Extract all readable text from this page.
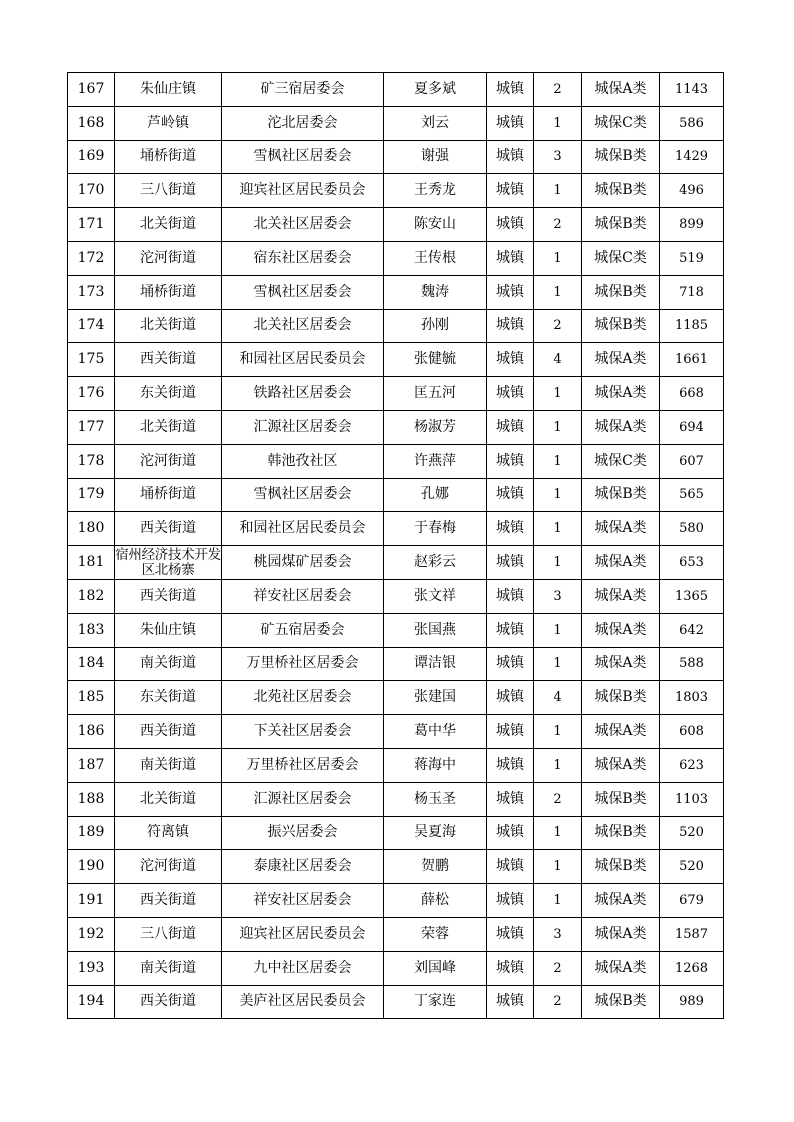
167	朱仙庄镇	矿三宿居委会	夏多斌	城镇	2	城保A类	1143
168	芦岭镇	沱北居委会	刘云	城镇	1	城保C类	586
169	埇桥街道	雪枫社区居委会	谢强	城镇	3	城保B类	1429
170	三八街道	迎宾社区居民委员会	王秀龙	城镇	1	城保B类	496
171	北关街道	北关社区居委会	陈安山	城镇	2	城保B类	899
172	沱河街道	宿东社区居委会	王传根	城镇	1	城保C类	519
173	埇桥街道	雪枫社区居委会	魏涛	城镇	1	城保B类	718
174	北关街道	北关社区居委会	孙刚	城镇	2	城保B类	1185
175	西关街道	和园社区居民委员会	张健毓	城镇	4	城保A类	1661
176	东关街道	铁路社区居委会	匡五河	城镇	1	城保A类	668
177	北关街道	汇源社区居委会	杨淑芳	城镇	1	城保A类	694
178	沱河街道	韩池孜社区	许燕萍	城镇	1	城保C类	607
179	埇桥街道	雪枫社区居委会	孔娜	城镇	1	城保B类	565
180	西关街道	和园社区居民委员会	于春梅	城镇	1	城保A类	580
181	宿州经济技术开发区北杨寨	桃园煤矿居委会	赵彩云	城镇	1	城保A类	653
182	西关街道	祥安社区居委会	张文祥	城镇	3	城保A类	1365
183	朱仙庄镇	矿五宿居委会	张国燕	城镇	1	城保A类	642
184	南关街道	万里桥社区居委会	谭洁银	城镇	1	城保A类	588
185	东关街道	北苑社区居委会	张建国	城镇	4	城保B类	1803
186	西关街道	下关社区居委会	葛中华	城镇	1	城保A类	608
187	南关街道	万里桥社区居委会	蒋海中	城镇	1	城保A类	623
188	北关街道	汇源社区居委会	杨玉圣	城镇	2	城保B类	1103
189	符离镇	振兴居委会	吴夏海	城镇	1	城保B类	520
190	沱河街道	泰康社区居委会	贺鹏	城镇	1	城保B类	520
191	西关街道	祥安社区居委会	薛松	城镇	1	城保A类	679
192	三八街道	迎宾社区居民委员会	荣蓉	城镇	3	城保A类	1587
193	南关街道	九中社区居委会	刘国峰	城镇	2	城保A类	1268
194	西关街道	美庐社区居民委员会	丁家连	城镇	2	城保B类	989
